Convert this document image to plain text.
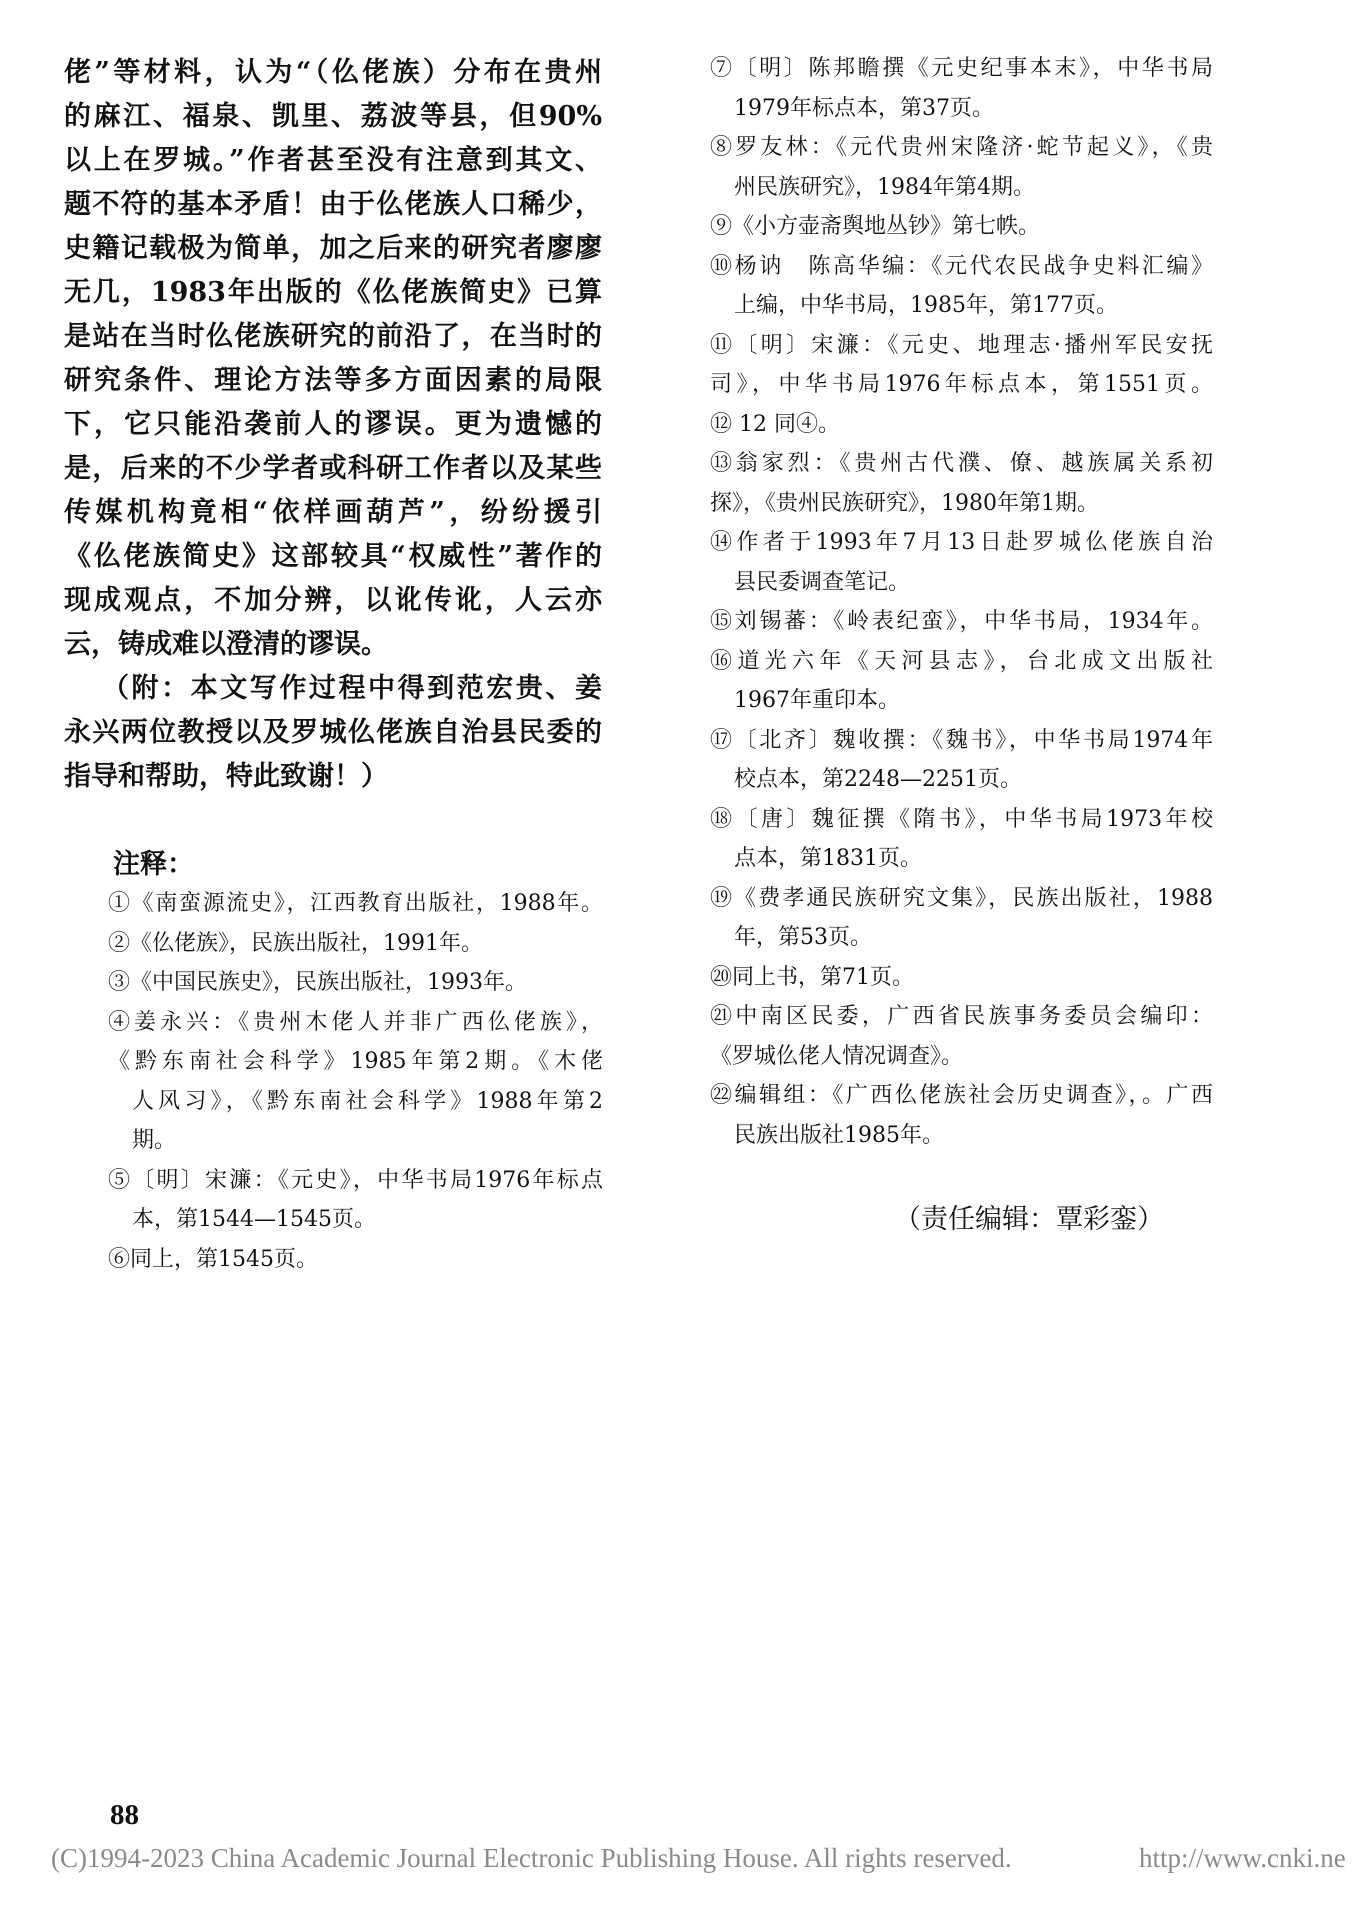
佬”等材料，认为“（仫佬族）分布在贵州
的麻江、福泉、凯里、荔波等县，但90%
以上在罗城。”作者甚至没有注意到其文、
题不符的基本矛盾！由于仫佬族人口稀少，
史籍记载极为简单，加之后来的研究者廖廖
无几，1983年出版的《仫佬族简史》已算
是站在当时仫佬族研究的前沿了，在当时的
研究条件、理论方法等多方面因素的局限
下，它只能沿袭前人的谬误。更为遗憾的
是，后来的不少学者或科研工作者以及某些
传媒机构竟相“依样画葫芦”，纷纷援引
《仫佬族简史》这部较具“权威性”著作的
现成观点，不加分辨，以讹传讹，人云亦
云，铸成难以澄清的谬误。
（附：本文写作过程中得到范宏贵、姜
永兴两位教授以及罗城仫佬族自治县民委的
指导和帮助，特此致谢！）
注释：
①《南蛮源流史》，江西教育出版社，1988年。
②《仫佬族》，民族出版社，1991年。
③《中国民族史》，民族出版社，1993年。
④姜永兴：《贵州木佬人并非广西仫佬族》，
《黔东南社会科学》1985年第2期。《木佬
人风习》，《黔东南社会科学》1988年第2
期。
⑤〔明〕宋濂：《元史》，中华书局1976年标点
本，第1544—1545页。
⑥同上，第1545页。
⑦〔明〕陈邦瞻撰《元史纪事本末》，中华书局
1979年标点本，第37页。
⑧罗友林：《元代贵州宋隆济·蛇节起义》，《贵
州民族研究》，1984年第4期。
⑨《小方壶斋舆地丛钞》第七帙。
⑩杨讷　陈高华编：《元代农民战争史料汇编》
上编，中华书局，1985年，第177页。
⑪〔明〕宋濂：《元史、地理志·播州军民安抚
司》，中华书局1976年标点本，第1551页。
⑫ 12 同④。
⑬翁家烈：《贵州古代濮、僚、越族属关系初
探》，《贵州民族研究》，1980年第1期。
⑭作者于1993年7月13日赴罗城仫佬族自治
县民委调查笔记。
⑮刘锡蕃：《岭表纪蛮》，中华书局，1934年。
⑯道光六年《天河县志》，台北成文出版社
1967年重印本。
⑰〔北齐〕魏收撰：《魏书》，中华书局1974年
校点本，第2248—2251页。
⑱〔唐〕魏征撰《隋书》，中华书局1973年校
点本，第1831页。
⑲《费孝通民族研究文集》，民族出版社，1988
年，第53页。
⑳同上书，第71页。
㉑中南区民委，广西省民族事务委员会编印：
《罗城仫佬人情况调查》。
㉒编辑组：《广西仫佬族社会历史调查》，。广西
民族出版社1985年。
（责任编辑：覃彩銮）
88
(C)1994-2023 China Academic Journal Electronic Publishing House. All rights reserved.	http://www.cnki.ne
